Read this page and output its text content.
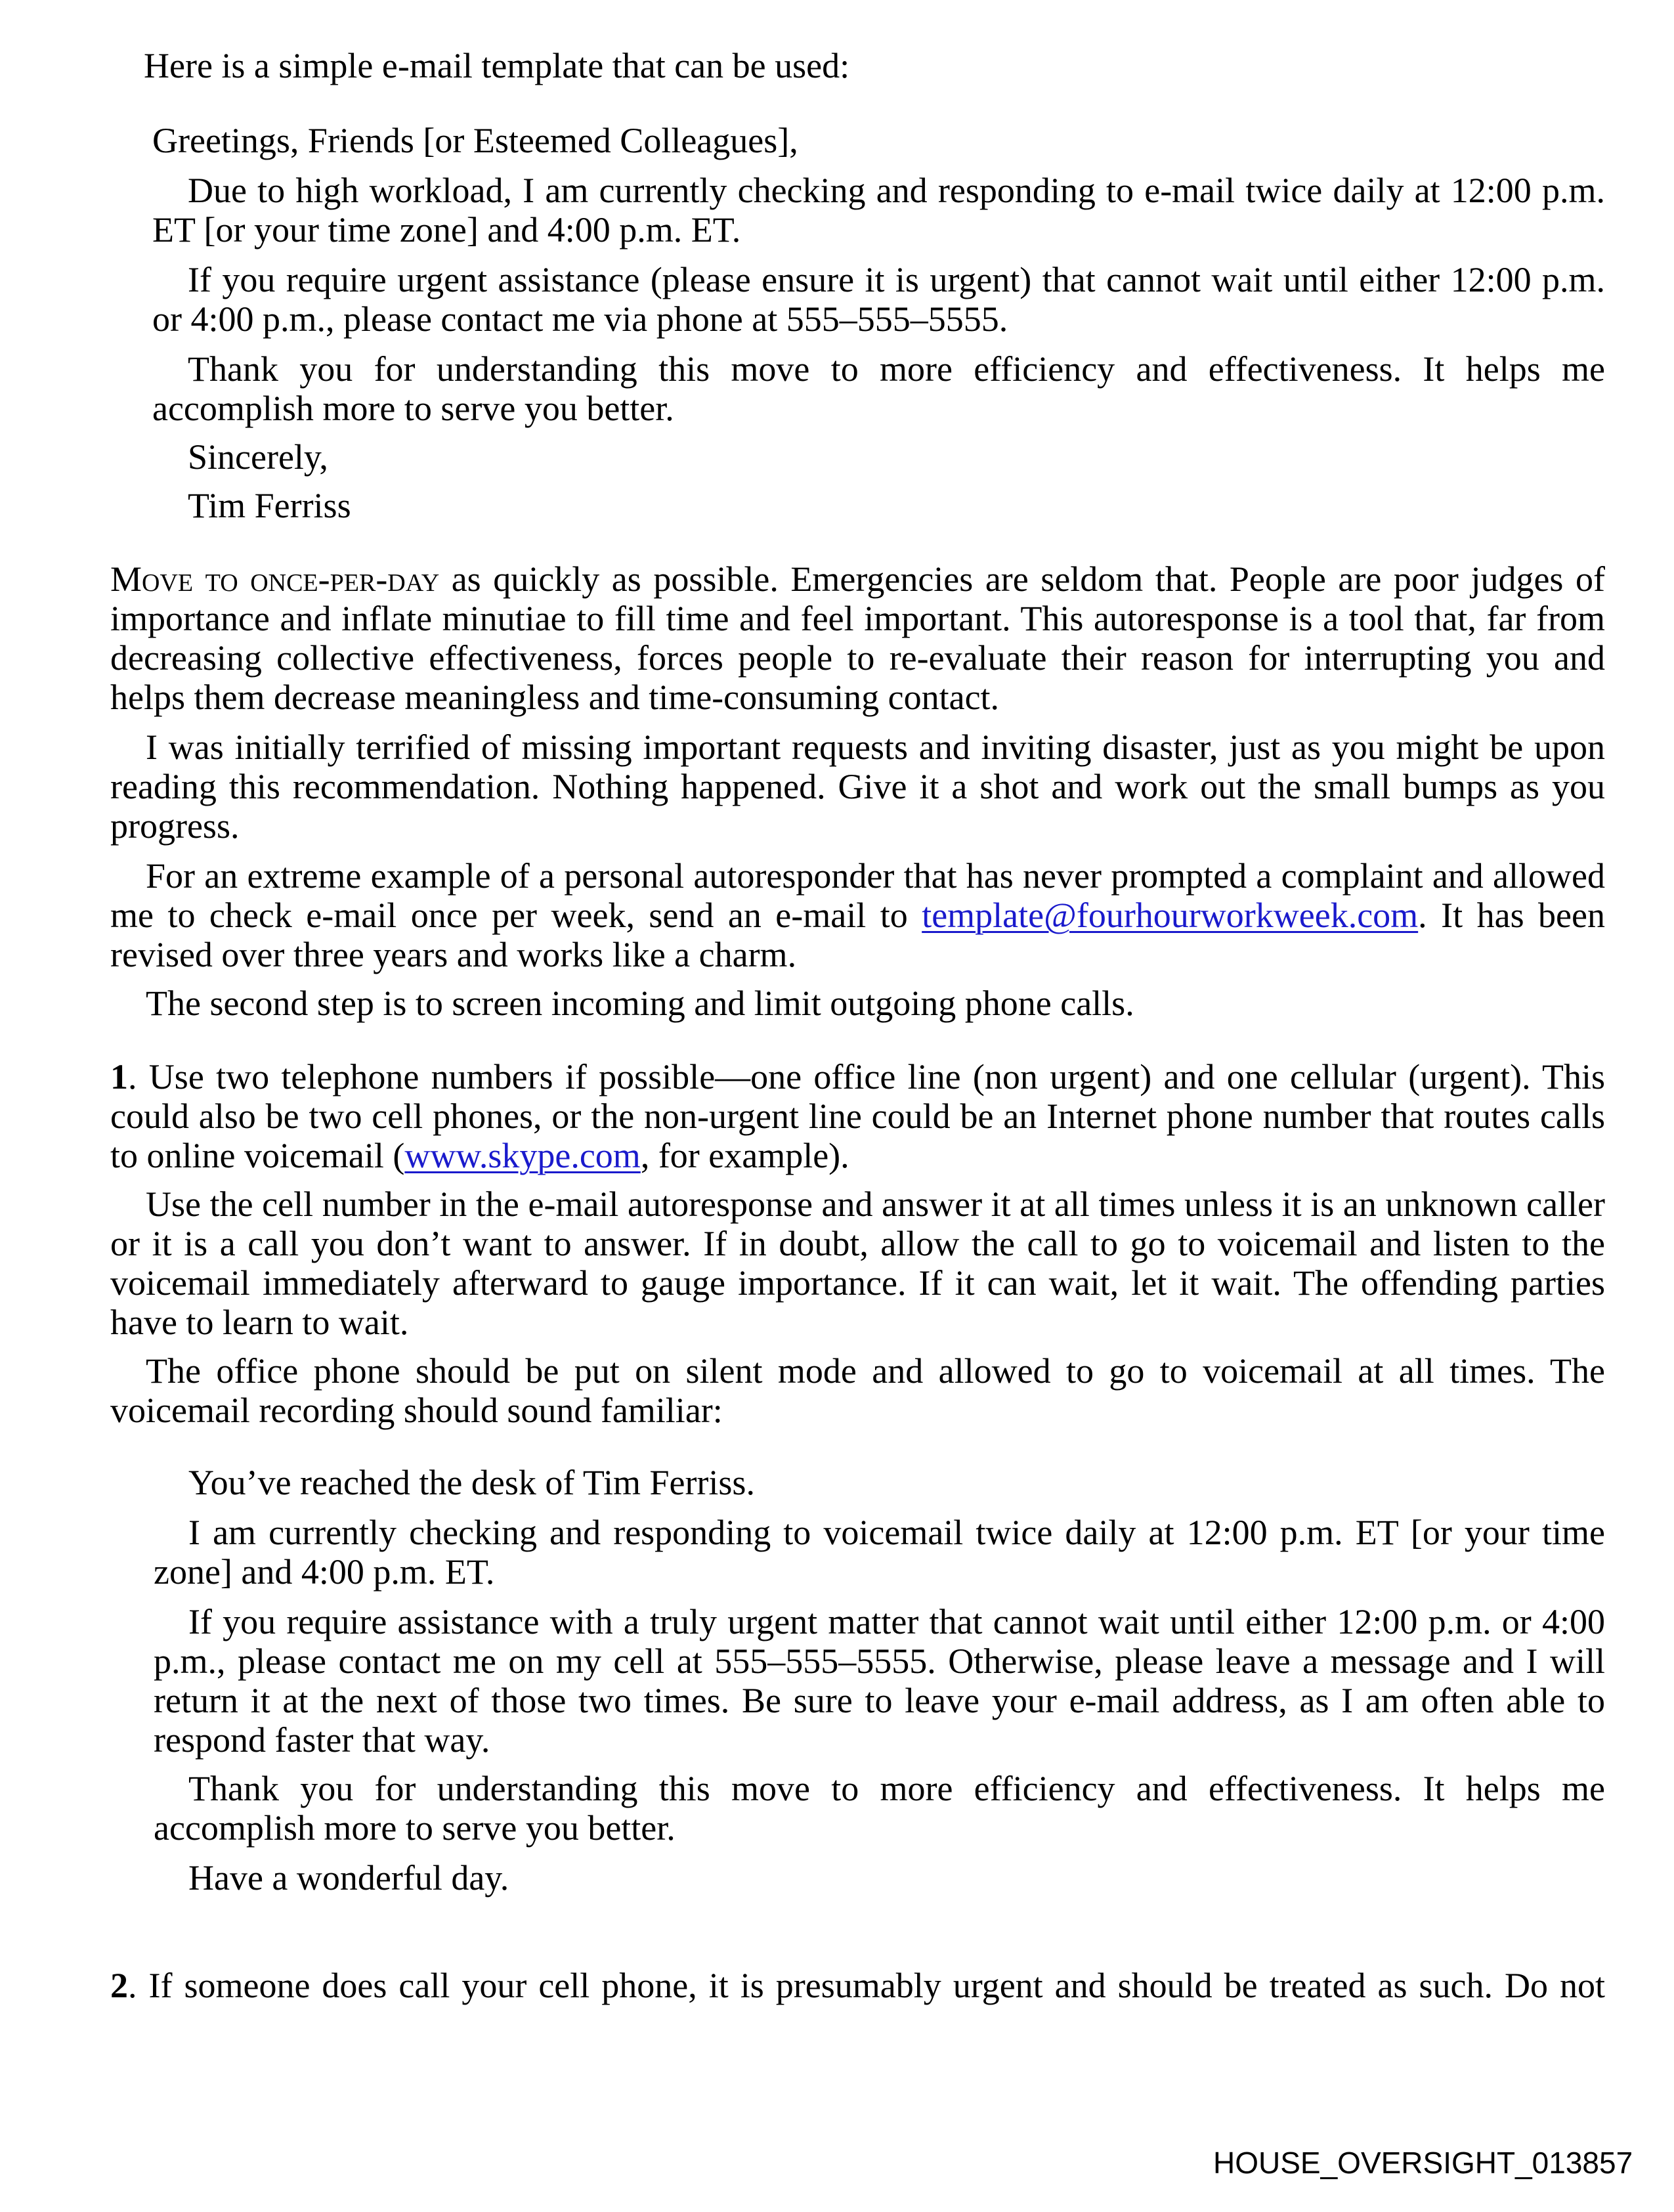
Here is a simple e-mail template that can be used:
Greetings, Friends [or Esteemed Colleagues],
Due to high workload, I am currently checking and responding to e-mail twice daily at 12:00 p.m.
ET [or your time zone] and 4:00 p.m. ET.
If you require urgent assistance (please ensure it is urgent) that cannot wait until either 12:00 p.m.
or 4:00 p.m., please contact me via phone at 555–555–5555.
Thank you for understanding this move to more efficiency and effectiveness. It helps me
accomplish more to serve you better.
Sincerely,
Tim Ferriss
Move to once-per-day as quickly as possible. Emergencies are seldom that. People are poor judges of
importance and inflate minutiae to fill time and feel important. This autoresponse is a tool that, far from
decreasing collective effectiveness, forces people to re-evaluate their reason for interrupting you and
helps them decrease meaningless and time-consuming contact.
I was initially terrified of missing important requests and inviting disaster, just as you might be upon
reading this recommendation. Nothing happened. Give it a shot and work out the small bumps as you
progress.
For an extreme example of a personal autoresponder that has never prompted a complaint and allowed
me to check e-mail once per week, send an e-mail to template@fourhourworkweek.com. It has been
revised over three years and works like a charm.
The second step is to screen incoming and limit outgoing phone calls.
1. Use two telephone numbers if possible—one office line (non urgent) and one cellular (urgent). This
could also be two cell phones, or the non-urgent line could be an Internet phone number that routes calls
to online voicemail (www.skype.com, for example).
Use the cell number in the e-mail autoresponse and answer it at all times unless it is an unknown caller
or it is a call you don’t want to answer. If in doubt, allow the call to go to voicemail and listen to the
voicemail immediately afterward to gauge importance. If it can wait, let it wait. The offending parties
have to learn to wait.
The office phone should be put on silent mode and allowed to go to voicemail at all times. The
voicemail recording should sound familiar:
You’ve reached the desk of Tim Ferriss.
I am currently checking and responding to voicemail twice daily at 12:00 p.m. ET [or your time
zone] and 4:00 p.m. ET.
If you require assistance with a truly urgent matter that cannot wait until either 12:00 p.m. or 4:00
p.m., please contact me on my cell at 555–555–5555. Otherwise, please leave a message and I will
return it at the next of those two times. Be sure to leave your e-mail address, as I am often able to
respond faster that way.
Thank you for understanding this move to more efficiency and effectiveness. It helps me
accomplish more to serve you better.
Have a wonderful day.
2. If someone does call your cell phone, it is presumably urgent and should be treated as such. Do not
HOUSE_OVERSIGHT_013857
